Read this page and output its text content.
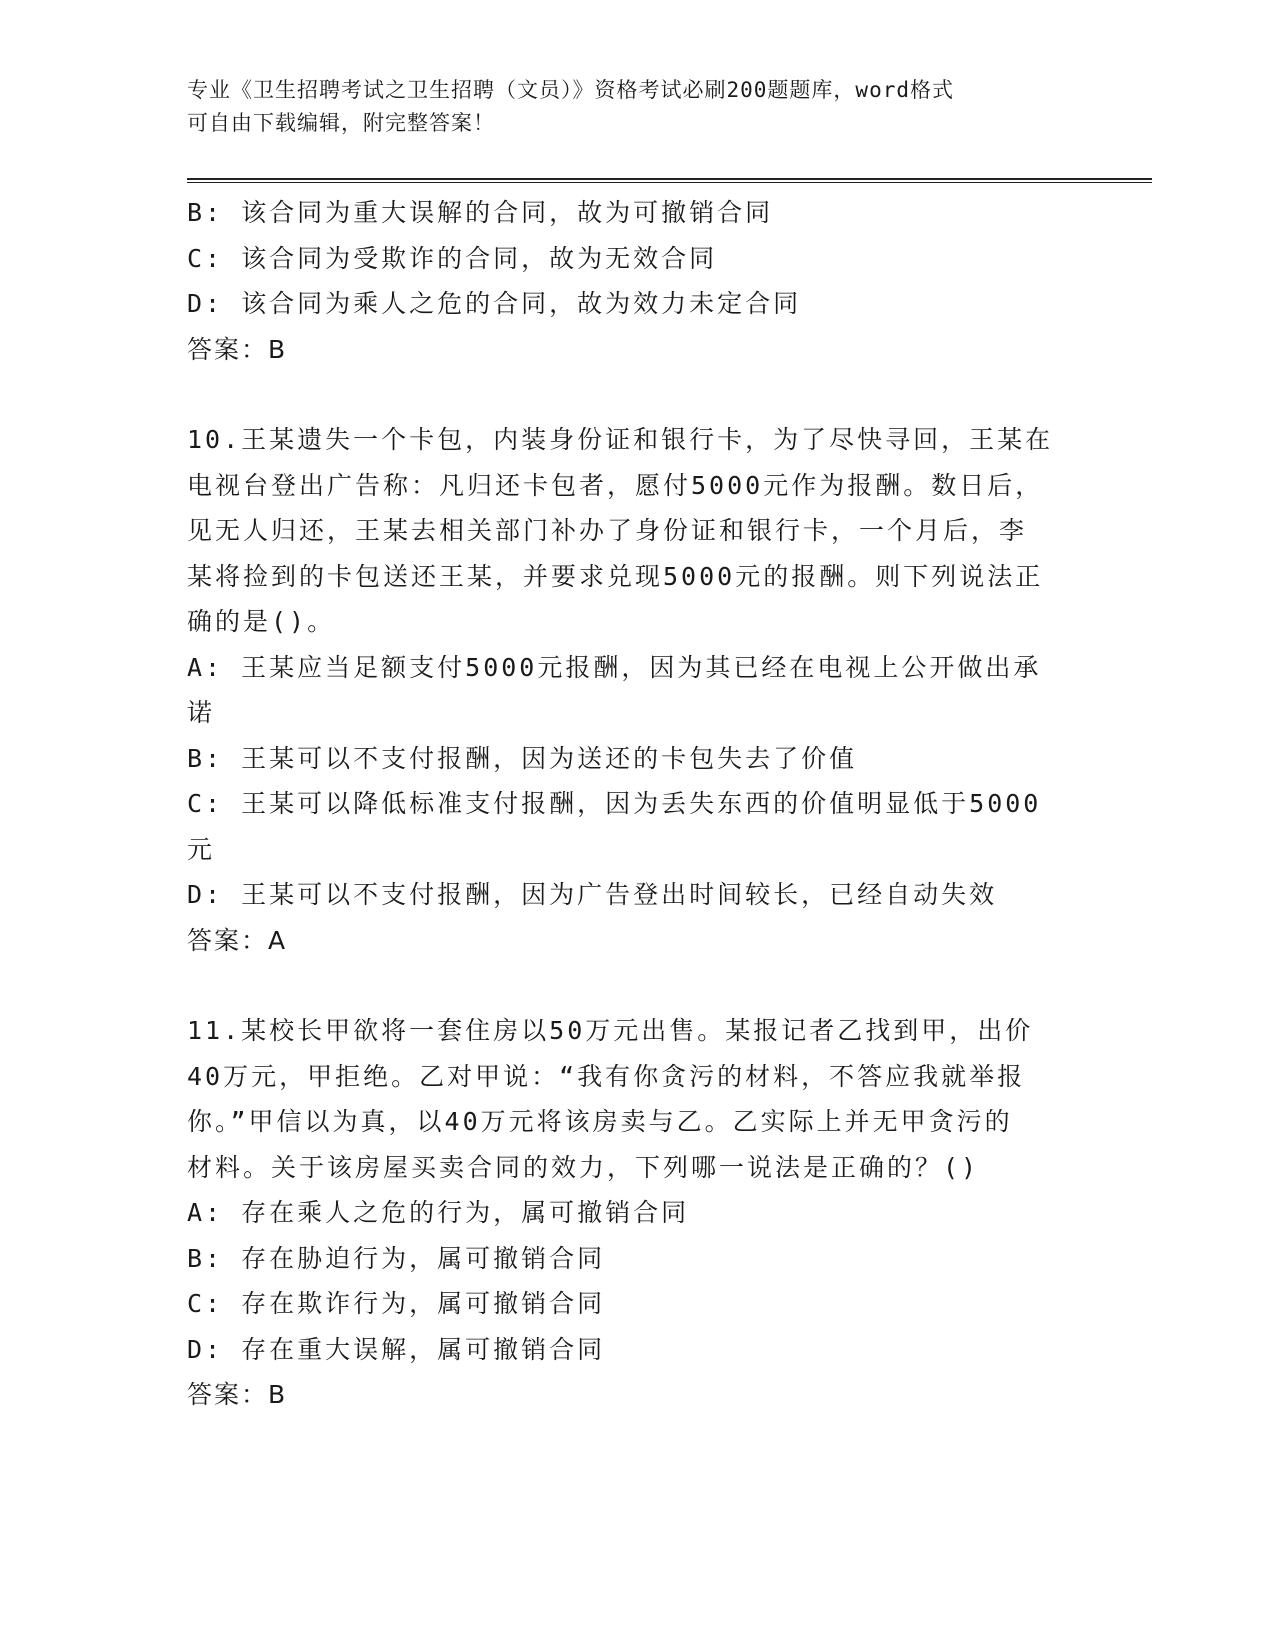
专业《卫生招聘考试之卫生招聘（文员）》资格考试必刷200题题库，word格式
可自由下载编辑，附完整答案！
B: 该合同为重大误解的合同，故为可撤销合同
C: 该合同为受欺诈的合同，故为无效合同
D: 该合同为乘人之危的合同，故为效力未定合同
答案：B
10.王某遗失一个卡包，内装身份证和银行卡，为了尽快寻回，王某在
电视台登出广告称：凡归还卡包者，愿付5000元作为报酬。数日后，
见无人归还，王某去相关部门补办了身份证和银行卡，一个月后，李
某将捡到的卡包送还王某，并要求兑现5000元的报酬。则下列说法正
确的是()。
A: 王某应当足额支付5000元报酬，因为其已经在电视上公开做出承
诺
B: 王某可以不支付报酬，因为送还的卡包失去了价值
C: 王某可以降低标准支付报酬，因为丢失东西的价值明显低于5000
元
D: 王某可以不支付报酬，因为广告登出时间较长，已经自动失效
答案：A
11.某校长甲欲将一套住房以50万元出售。某报记者乙找到甲，出价
40万元，甲拒绝。乙对甲说：“我有你贪污的材料，不答应我就举报
你。”甲信以为真，以40万元将该房卖与乙。乙实际上并无甲贪污的
材料。关于该房屋买卖合同的效力，下列哪一说法是正确的？()
A: 存在乘人之危的行为，属可撤销合同
B: 存在胁迫行为，属可撤销合同
C: 存在欺诈行为，属可撤销合同
D: 存在重大误解，属可撤销合同
答案：B
